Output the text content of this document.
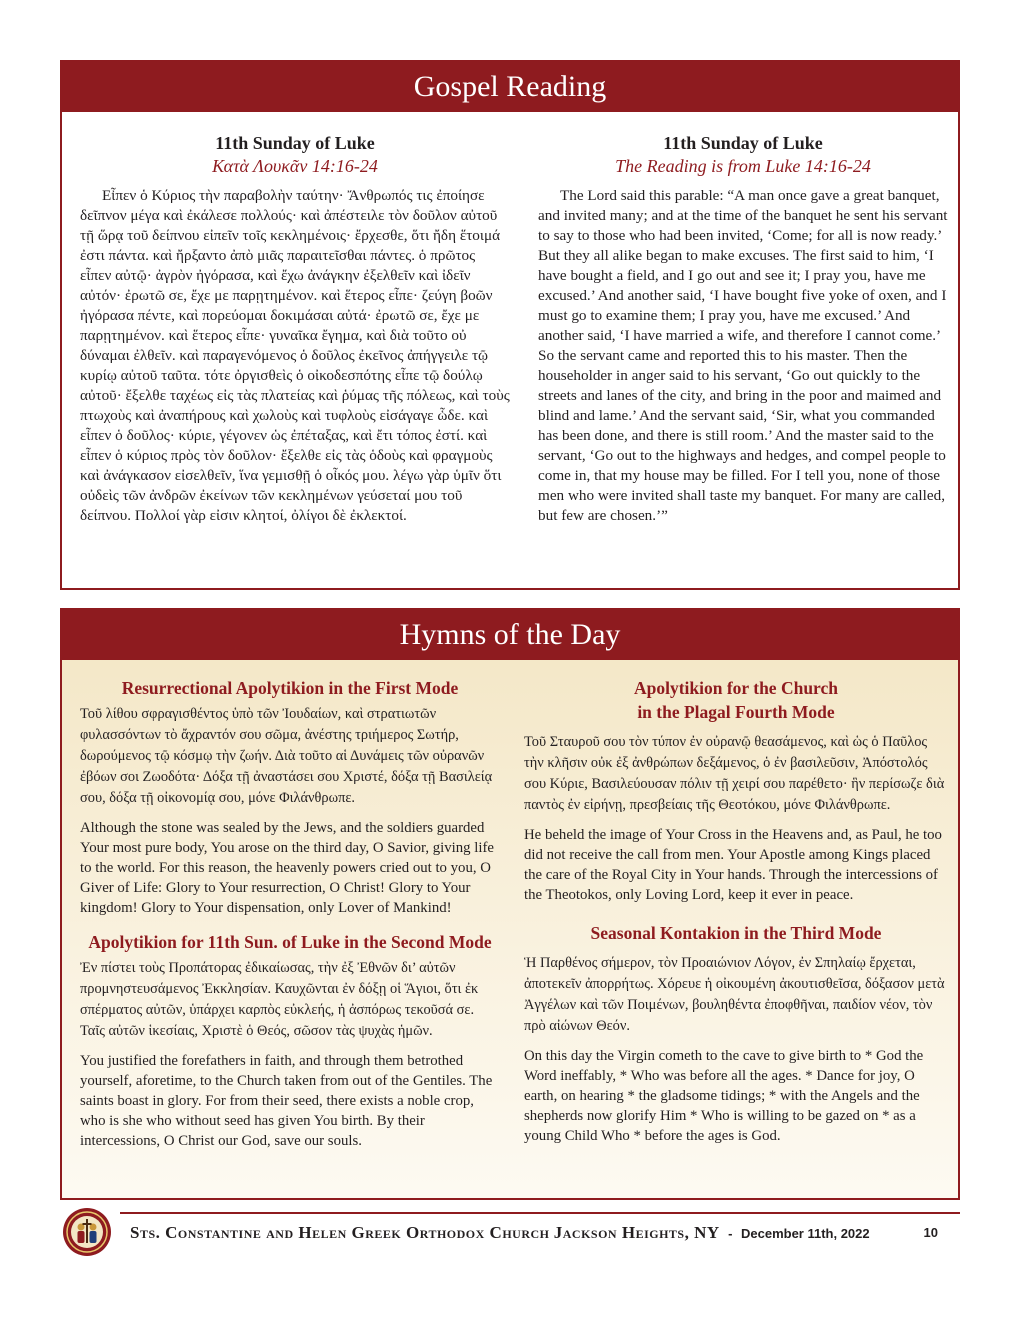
Gospel Reading
11th Sunday of Luke
Κατὰ Λουκᾶν 14:16-24

Εἶπεν ὁ Κύριος τὴν παραβολὴν ταύτην· Ἄνθρωπός τις ἐποίησε δεῖπνον μέγα καὶ ἐκάλεσε πολλούς· καὶ ἀπέστειλε τὸν δοῦλον αὐτοῦ τῇ ὥρᾳ τοῦ δείπνου εἰπεῖν τοῖς κεκλημένοις· ἔρχεσθε, ὅτι ἤδη ἕτοιμά ἐστι πάντα. καὶ ἤρξαντο ἀπὸ μιᾶς παραιτεῖσθαι πάντες. ὁ πρῶτος εἶπεν αὐτῷ· ἀγρὸν ἠγόρασα, καὶ ἔχω ἀνάγκην ἐξελθεῖν καὶ ἰδεῖν αὐτόν· ἐρωτῶ σε, ἔχε με παρῃτημένον. καὶ ἕτερος εἶπε· ζεύγη βοῶν ἠγόρασα πέντε, καὶ πορεύομαι δοκιμάσαι αὐτά· ἐρωτῶ σε, ἔχε με παρῃτημένον. καὶ ἕτερος εἶπε· γυναῖκα ἔγημα, καὶ διὰ τοῦτο οὐ δύναμαι ἐλθεῖν. καὶ παραγενόμενος ὁ δοῦλος ἐκεῖνος ἀπήγγειλε τῷ κυρίῳ αὐτοῦ ταῦτα. τότε ὀργισθεὶς ὁ οἰκοδεσπότης εἶπε τῷ δούλῳ αὐτοῦ· ἔξελθε ταχέως εἰς τὰς πλατείας καὶ ῥύμας τῆς πόλεως, καὶ τοὺς πτωχοὺς καὶ ἀναπήρους καὶ χωλοὺς καὶ τυφλοὺς εἰσάγαγε ὧδε. καὶ εἶπεν ὁ δοῦλος· κύριε, γέγονεν ὡς ἐπέταξας, καὶ ἔτι τόπος ἐστί. καὶ εἶπεν ὁ κύριος πρὸς τὸν δοῦλον· ἔξελθε εἰς τὰς ὁδοὺς καὶ φραγμοὺς καὶ ἀνάγκασον εἰσελθεῖν, ἵνα γεμισθῇ ὁ οἶκός μου. λέγω γὰρ ὑμῖν ὅτι οὐδεὶς τῶν ἀνδρῶν ἐκείνων τῶν κεκλημένων γεύσεταί μου τοῦ δείπνου. Πολλοί γὰρ εἰσιν κλητοί, ὀλίγοι δὲ ἐκλεκτοί.

11th Sunday of Luke
The Reading is from Luke 14:16-24

The Lord said this parable: “A man once gave a great banquet, and invited many; and at the time of the banquet he sent his servant to say to those who had been invited, ‘Come; for all is now ready.’ But they all alike began to make excuses. The first said to him, ‘I have bought a field, and I go out and see it; I pray you, have me excused.’ And another said, ‘I have bought five yoke of oxen, and I must go to examine them; I pray you, have me excused.’ And another said, ‘I have married a wife, and therefore I cannot come.’ So the servant came and reported this to his master. Then the householder in anger said to his servant, ‘Go out quickly to the streets and lanes of the city, and bring in the poor and maimed and blind and lame.’ And the servant said, ‘Sir, what you commanded has been done, and there is still room.’ And the master said to the servant, ‘Go out to the highways and hedges, and compel people to come in, that my house may be filled. For I tell you, none of those men who were invited shall taste my banquet. For many are called, but few are chosen.’”

Hymns of the Day
Resurrectional Apolytikion in the First Mode

Τοῦ λίθου σφραγισθέντος ὑπὸ τῶν Ἰουδαίων, καὶ στρατιωτῶν φυλασσόντων τὸ ἄχραντόν σου σῶμα, ἀνέστης τριήμερος Σωτήρ, δωρούμενος τῷ κόσμῳ τὴν ζωήν. Διὰ τοῦτο αἱ Δυνάμεις τῶν οὐρανῶν ἐβόων σοι Ζωοδότα· Δόξα τῇ ἀναστάσει σου Χριστέ, δόξα τῇ Βασιλείᾳ σου, δόξα τῇ οἰκονομίᾳ σου, μόνε Φιλάνθρωπε.

Although the stone was sealed by the Jews, and the soldiers guarded Your most pure body, You arose on the third day, O Savior, giving life to the world. For this reason, the heavenly powers cried out to you, O Giver of Life: Glory to Your resurrection, O Christ! Glory to Your kingdom! Glory to Your dispensation, only Lover of Mankind!

Apolytikion for 11th Sun. of Luke in the Second Mode

Ἐν πίστει τοὺς Προπάτορας ἐδικαίωσας, τὴν ἐξ Ἐθνῶν δι’ αὐτῶν προμνηστευσάμενος Ἐκκλησίαν. Καυχῶνται ἐν δόξῃ οἱ Ἅγιοι, ὅτι ἐκ σπέρματος αὐτῶν, ὑπάρχει καρπὸς εὐκλεής, ἡ ἀσπόρως τεκοῦσά σε. Ταῖς αὐτῶν ἱκεσίαις, Χριστὲ ὁ Θεός, σῶσον τὰς ψυχὰς ἡμῶν.

You justified the forefathers in faith, and through them betrothed yourself, aforetime, to the Church taken from out of the Gentiles. The saints boast in glory. For from their seed, there exists a noble crop, who is she who without seed has given You birth. By their intercessions, O Christ our God, save our souls.

Apolytikion for the Church
in the Plagal Fourth Mode

Τοῦ Σταυροῦ σου τὸν τύπον ἐν οὐρανῷ θεασάμενος, καὶ ὡς ὁ Παῦλος τὴν κλῆσιν οὐκ ἐξ ἀνθρώπων δεξάμενος, ὁ ἐν βασιλεῦσιν, Ἀπόστολός σου Κύριε, Βασιλεύουσαν πόλιν τῇ χειρί σου παρέθετο· ἣν περίσωζε διὰ παντὸς ἐν εἰρήνῃ, πρεσβείαις τῆς Θεοτόκου, μόνε Φιλάνθρωπε.

He beheld the image of Your Cross in the Heavens and, as Paul, he too did not receive the call from men. Your Apostle among Kings placed the care of the Royal City in Your hands. Through the intercessions of the Theotokos, only Loving Lord, keep it ever in peace.

Seasonal Kontakion in the Third Mode

Ἡ Παρθένος σήμερον, τὸν Προαιώνιον Λόγον, ἐν Σπηλαίῳ ἔρχεται, ἀποτεκεῖν ἀπορρήτως. Χόρευε ἡ οἰκουμένη ἀκουτισθεῖσα, δόξασον μετὰ Ἀγγέλων καὶ τῶν Ποιμένων, βουληθέντα ἐποφθῆναι, παιδίον νέον, τὸν πρὸ αἰώνων Θεόν.

On this day the Virgin cometh to the cave to give birth to * God the Word ineffably, * Who was before all the ages. * Dance for joy, O earth, on hearing * the gladsome tidings; * with the Angels and the shepherds now glorify Him * Who is willing to be gazed on * as a young Child Who * before the ages is God.

Sts. Constantine and Helen Greek Orthodox Church Jackson Heights, NY - December 11th, 2022	10
